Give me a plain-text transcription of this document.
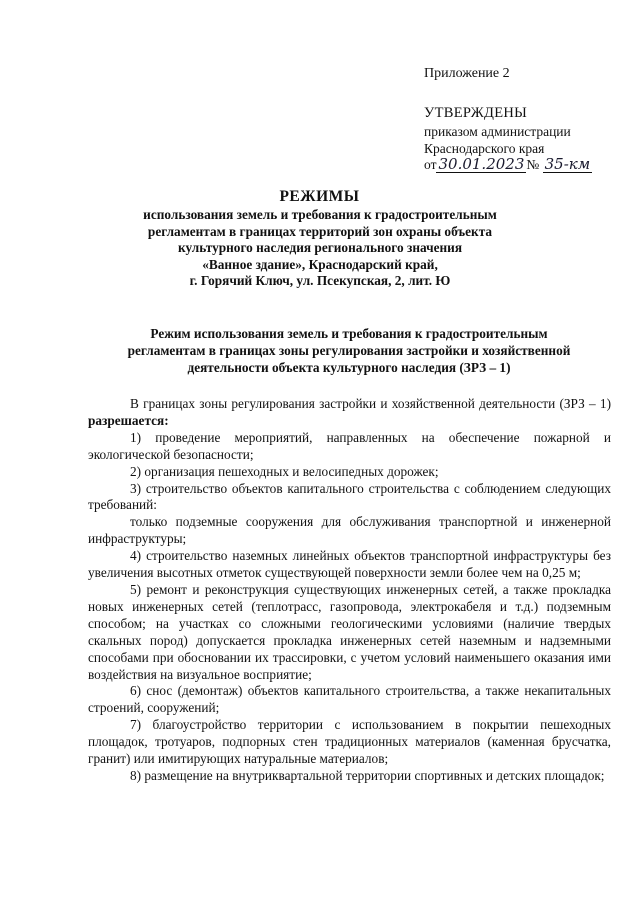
Приложение 2
УТВЕРЖДЕНЫ
приказом администрации
Краснодарского края
от 30.01.2023 № 35-км
РЕЖИМЫ
использования земель и требования к градостроительным
регламентам в границах территорий зон охраны объекта
культурного наследия регионального значения
«Ванное здание», Краснодарский край,
г. Горячий Ключ, ул. Псекупская, 2, лит. Ю
Режим использования земель и требования к градостроительным
регламентам в границах зоны регулирования застройки и хозяйственной
деятельности объекта культурного наследия (ЗРЗ – 1)

В границах зоны регулирования застройки и хозяйственной деятельности (ЗРЗ – 1) разрешается:

1) проведение мероприятий, направленных на обеспечение пожарной и экологической безопасности;

2) организация пешеходных и велосипедных дорожек;

3) строительство объектов капитального строительства с соблюдением следующих требований:

только подземные сооружения для обслуживания транспортной и инженерной инфраструктуры;

4) строительство наземных линейных объектов транспортной инфраструктуры без увеличения высотных отметок существующей поверхности земли более чем на 0,25 м;

5) ремонт и реконструкция существующих инженерных сетей, а также прокладка новых инженерных сетей (теплотрасс, газопровода, электрокабеля и т.д.) подземным способом; на участках со сложными геологическими условиями (наличие твердых скальных пород) допускается прокладка инженерных сетей наземным и надземными способами при обосновании их трассировки, с учетом условий наименьшего оказания ими воздействия на визуальное восприятие;

6) снос (демонтаж) объектов капитального строительства, а также некапитальных строений, сооружений;

7) благоустройство территории с использованием в покрытии пешеходных площадок, тротуаров, подпорных стен традиционных материалов (каменная брусчатка, гранит) или имитирующих натуральные материалов;

8) размещение на внутриквартальной территории спортивных и детских площадок;
